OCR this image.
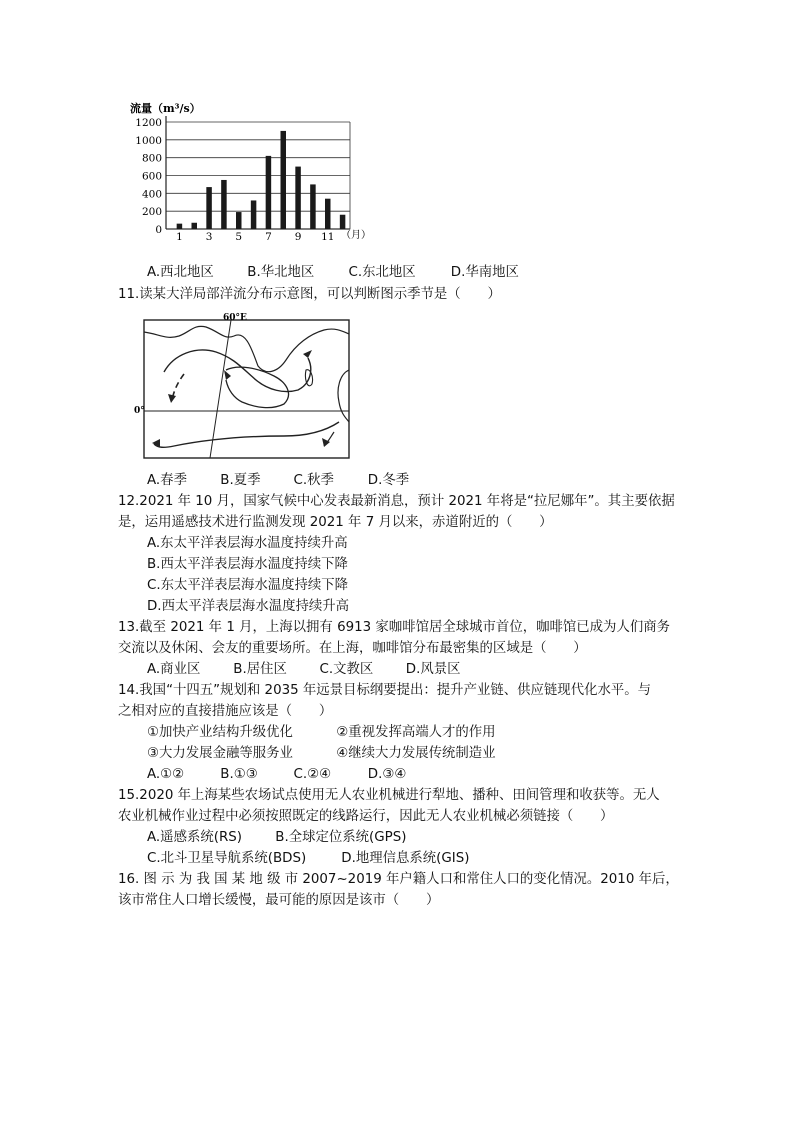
流量（m³/s）
0
200
400
600
800
1000
1200
1 3 5 7 9 11 （月）
A.西北地区	B.华北地区	C.东北地区	D.华南地区
11.读某大洋局部洋流分布示意图，可以判断图示季节是（　　）
60°E
0°
A.春季 B.夏季 C.秋季	D.冬季
12.2021 年 10 月，国家气候中心发表最新消息，预计 2021 年将是“拉尼娜年”。其主要依据
是，运用遥感技术进行监测发现 2021 年 7 月以来，赤道附近的（　　）
A.东太平洋表层海水温度持续升高
B.西太平洋表层海水温度持续下降
C.东太平洋表层海水温度持续下降
D.西太平洋表层海水温度持续升高
13.截至 2021 年 1 月，上海以拥有 6913 家咖啡馆居全球城市首位，咖啡馆已成为人们商务
交流以及休闲、会友的重要场所。在上海，咖啡馆分布最密集的区域是（　　）
A.商业区 B.居住区 C.文教区 D.风景区
14.我国“十四五”规划和 2035 年远景目标纲要提出：提升产业链、供应链现代化水平。与
之相对应的直接措施应该是（　　）
①加快产业结构升级优化	②重视发挥高端人才的作用
③大力发展金融等服务业	④继续大力发展传统制造业
A.①②	B.①③	C.②④	D.③④
15.2020 年上海某些农场试点使用无人农业机械进行犁地、播种、田间管理和收获等。无人
农业机械作业过程中必须按照既定的线路运行，因此无人农业机械必须链接（　　）
A.遥感系统(RS) B.全球定位系统(GPS)
C.北斗卫星导航系统(BDS)	D.地理信息系统(GIS)
16. 图 示 为 我 国 某 地 级 市 2007~2019 年户籍人口和常住人口的变化情况。2010 年后，
该市常住人口增长缓慢，最可能的原因是该市（　　）
